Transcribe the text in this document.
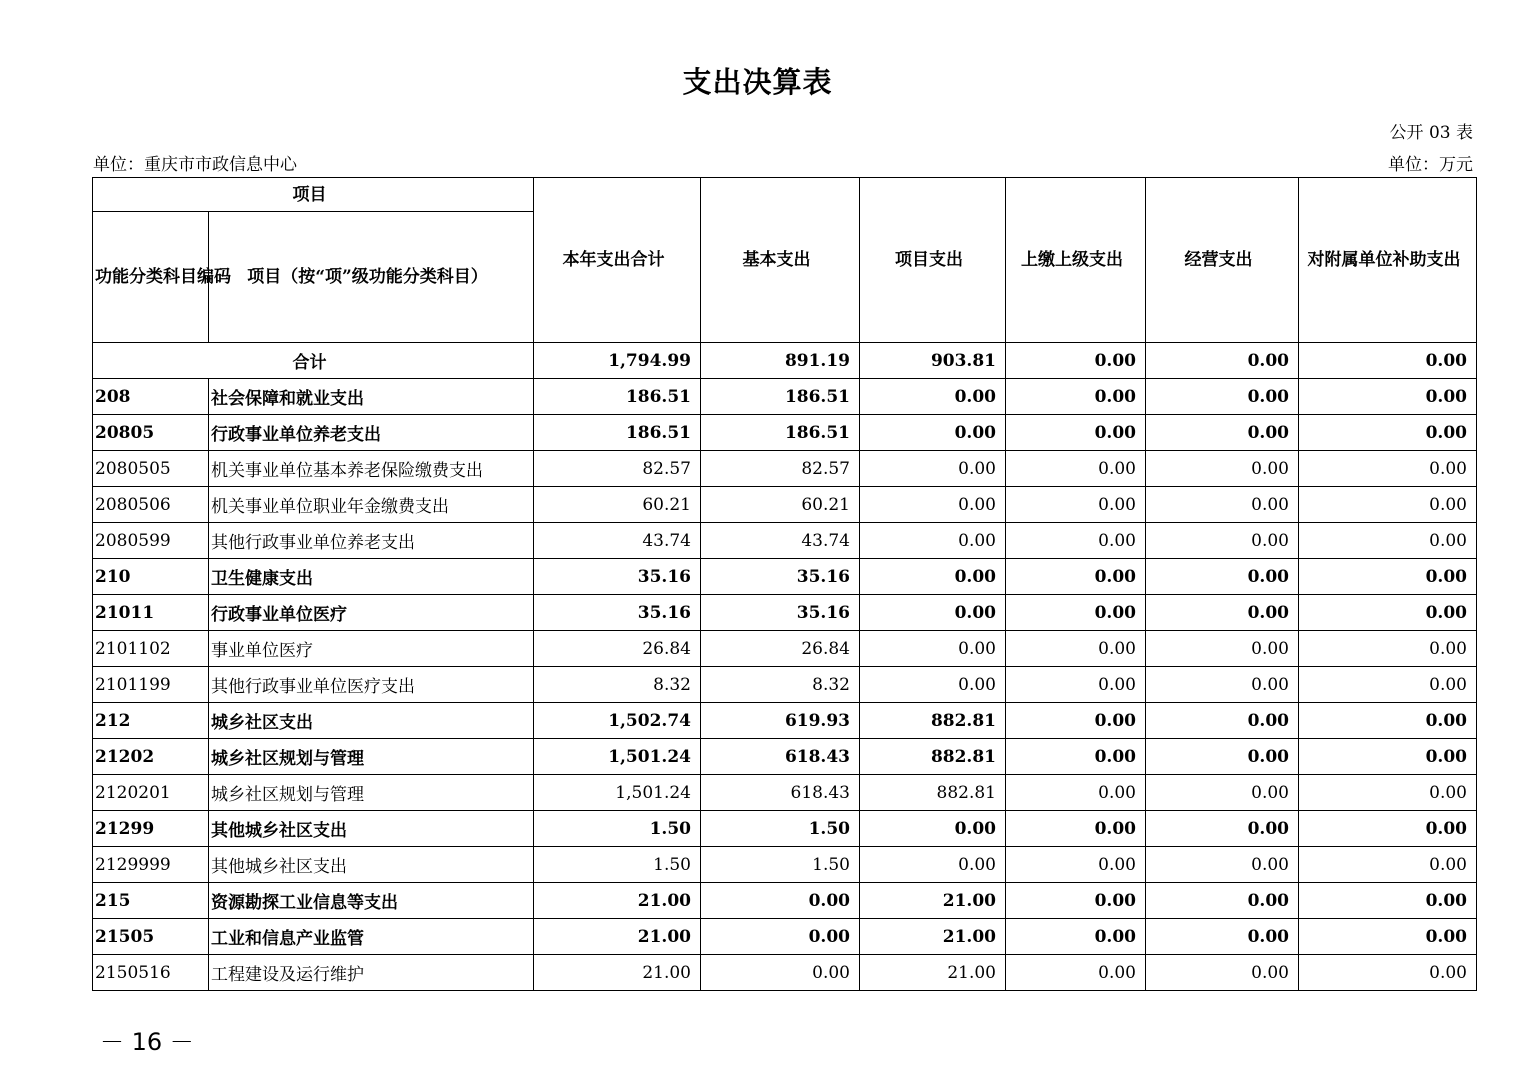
支出决算表
公开 03 表
单位：重庆市市政信息中心	单位：万元
项目		本年支出合计	基本支出	项目支出	上缴上级支出	经营支出	对附属单位补助支出
功能分类科目编码	项目（按“项”级功能分类科目）						
合计		1,794.99	891.19	903.81	0.00	0.00	0.00
208	社会保障和就业支出	186.51	186.51	0.00	0.00	0.00	0.00
20805	行政事业单位养老支出	186.51	186.51	0.00	0.00	0.00	0.00
2080505	机关事业单位基本养老保险缴费支出	82.57	82.57	0.00	0.00	0.00	0.00
2080506	机关事业单位职业年金缴费支出	60.21	60.21	0.00	0.00	0.00	0.00
2080599	其他行政事业单位养老支出	43.74	43.74	0.00	0.00	0.00	0.00
210	卫生健康支出	35.16	35.16	0.00	0.00	0.00	0.00
21011	行政事业单位医疗	35.16	35.16	0.00	0.00	0.00	0.00
2101102	事业单位医疗	26.84	26.84	0.00	0.00	0.00	0.00
2101199	其他行政事业单位医疗支出	8.32	8.32	0.00	0.00	0.00	0.00
212	城乡社区支出	1,502.74	619.93	882.81	0.00	0.00	0.00
21202	城乡社区规划与管理	1,501.24	618.43	882.81	0.00	0.00	0.00
2120201	城乡社区规划与管理	1,501.24	618.43	882.81	0.00	0.00	0.00
21299	其他城乡社区支出	1.50	1.50	0.00	0.00	0.00	0.00
2129999	其他城乡社区支出	1.50	1.50	0.00	0.00	0.00	0.00
215	资源勘探工业信息等支出	21.00	0.00	21.00	0.00	0.00	0.00
21505	工业和信息产业监管	21.00	0.00	21.00	0.00	0.00	0.00
2150516	工程建设及运行维护	21.00	0.00	21.00	0.00	0.00	0.00
－ 16 －
